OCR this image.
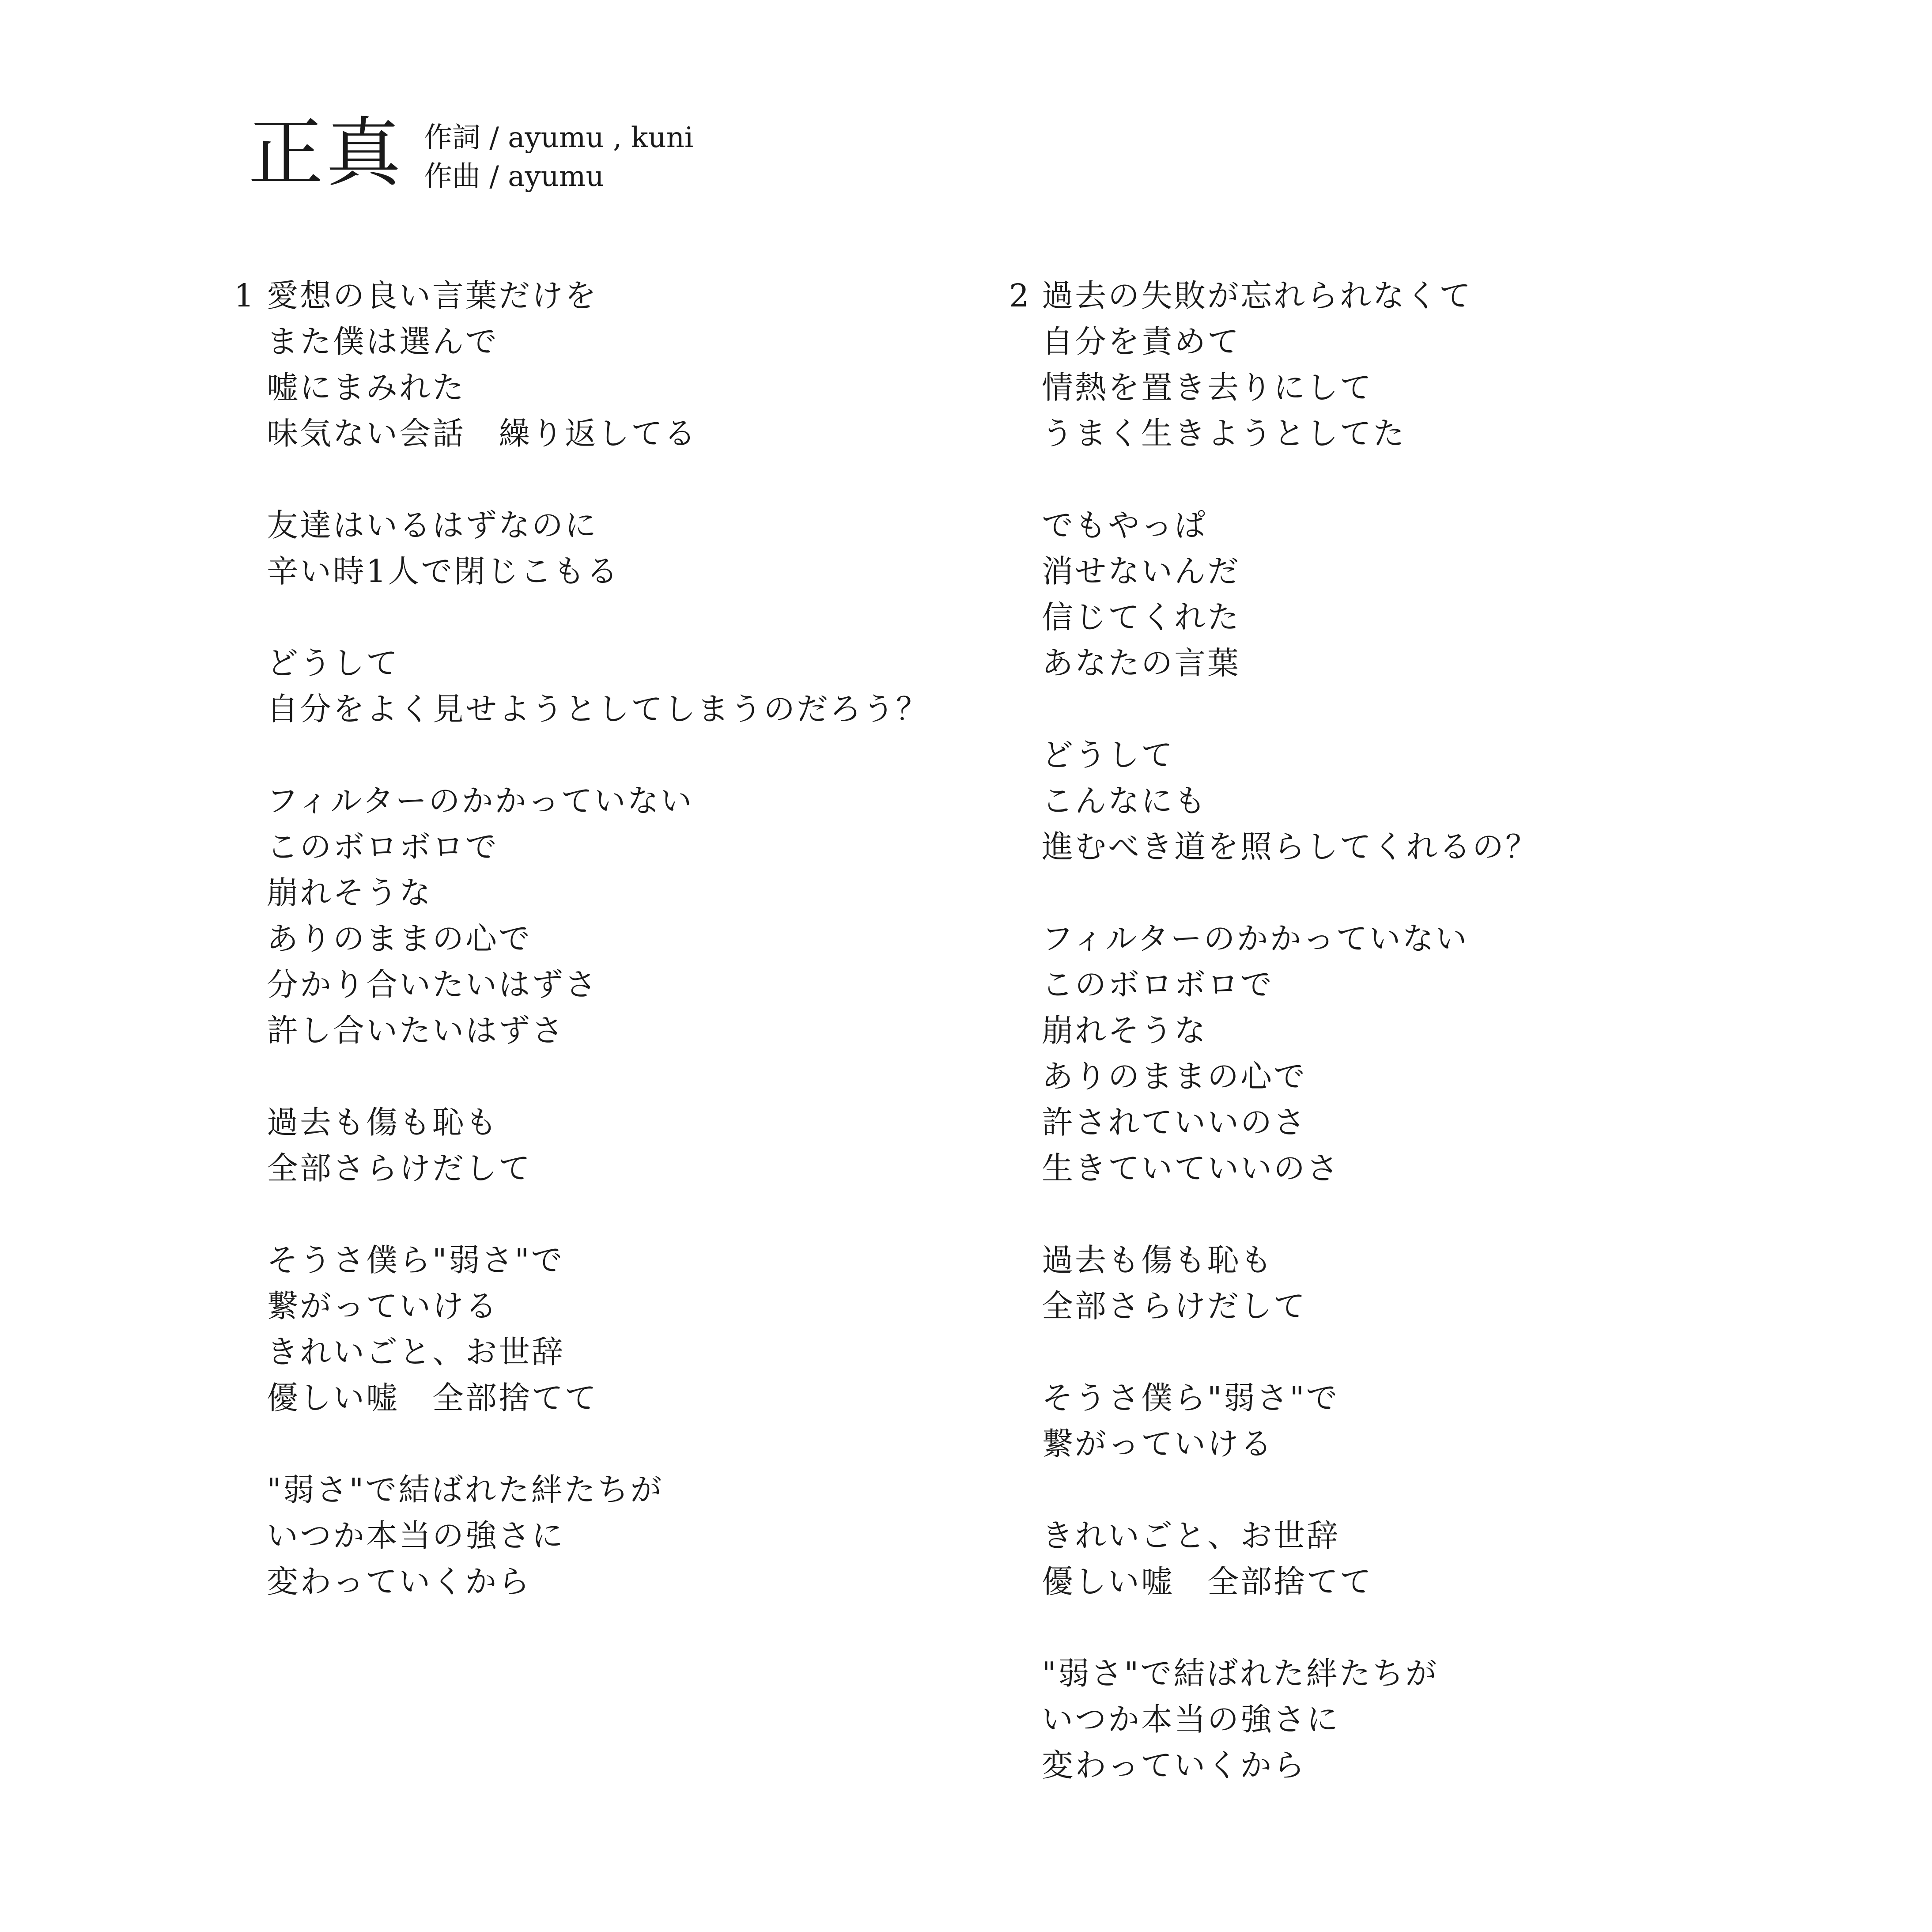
正真 作詞 / ayumu , kuni
作曲 / ayumu
1 愛想の良い言葉だけを
また僕は選んで
嘘にまみれた
味気ない会話　繰り返してる
友達はいるはずなのに
辛い時1人で閉じこもる
どうして
自分をよく見せようとしてしまうのだろう？
フィルターのかかっていない
このボロボロで
崩れそうな
ありのままの心で
分かり合いたいはずさ
許し合いたいはずさ
過去も傷も恥も
全部さらけだして
そうさ僕ら"弱さ"で
繋がっていける
きれいごと、お世辞
優しい嘘　全部捨てて
"弱さ"で結ばれた絆たちが
いつか本当の強さに
変わっていくから
2 過去の失敗が忘れられなくて
自分を責めて
情熱を置き去りにして
うまく生きようとしてた
でもやっぱ
消せないんだ
信じてくれた
あなたの言葉
どうして
こんなにも
進むべき道を照らしてくれるの？
フィルターのかかっていない
このボロボロで
崩れそうな
ありのままの心で
許されていいのさ
生きていていいのさ
過去も傷も恥も
全部さらけだして
そうさ僕ら"弱さ"で
繋がっていける
きれいごと、お世辞
優しい嘘　全部捨てて
"弱さ"で結ばれた絆たちが
いつか本当の強さに
変わっていくから
